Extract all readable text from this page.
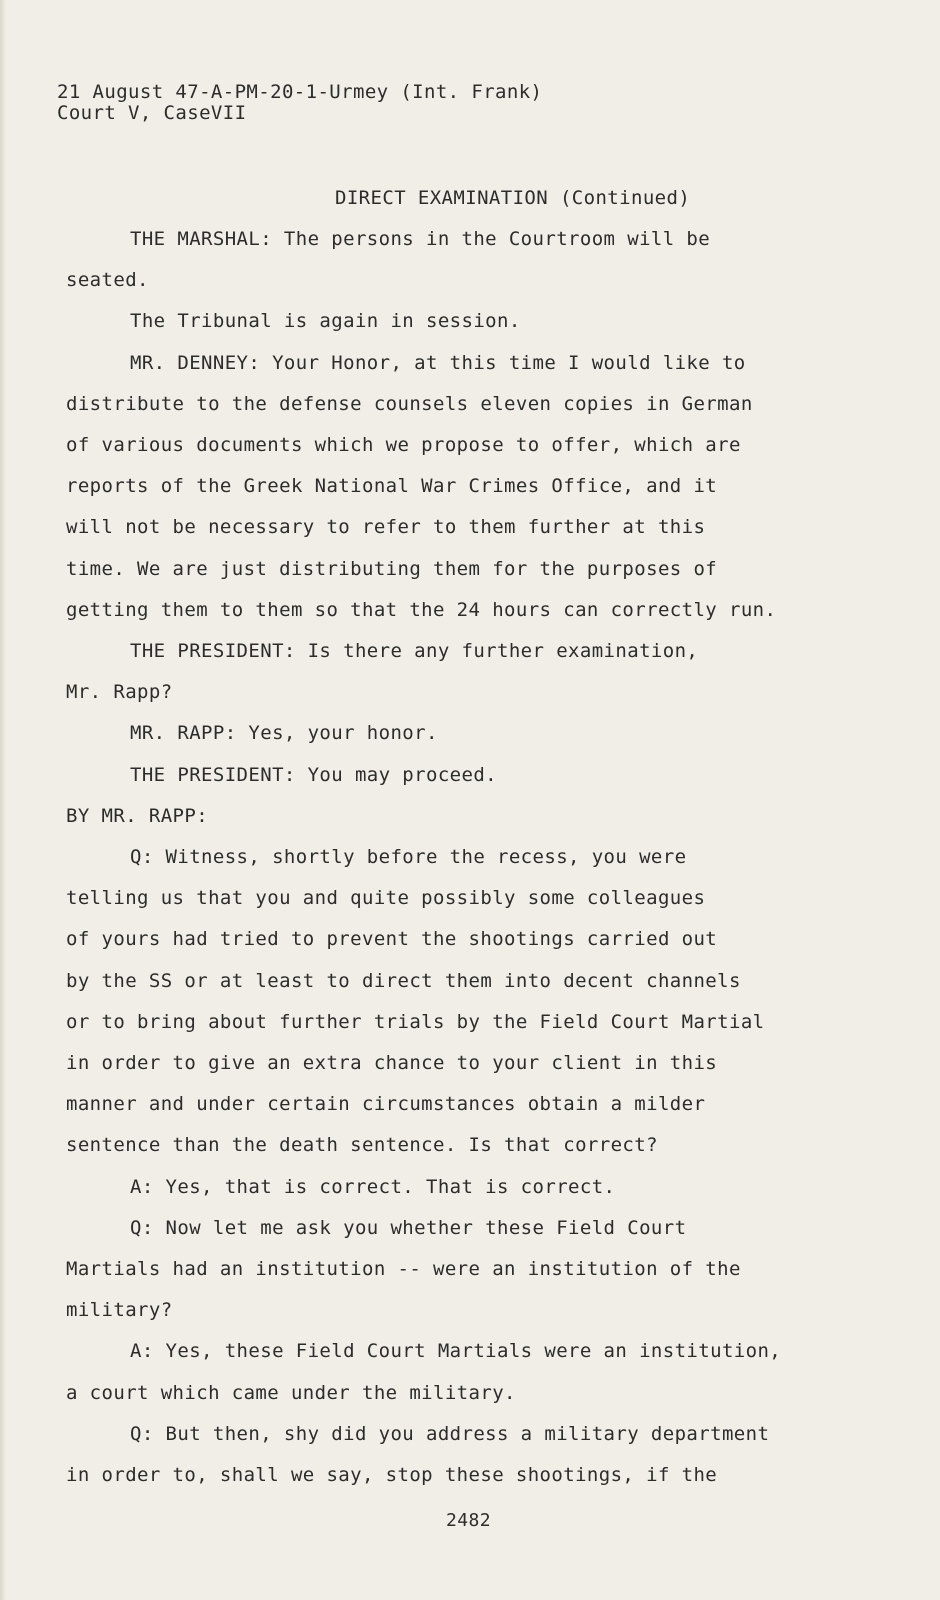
21 August 47-A-PM-20-1-Urmey (Int. Frank)

Court V, CaseVII

DIRECT EXAMINATION (Continued)

THE MARSHAL: The persons in the Courtroom will be

seated.

The Tribunal is again in session.

MR. DENNEY: Your Honor, at this time I would like to

distribute to the defense counsels eleven copies in German

of various documents which we propose to offer, which are

reports of the Greek National War Crimes Office, and it

will not be necessary to refer to them further at this

time. We are just distributing them for the purposes of

getting them to them so that the 24 hours can correctly run.

THE PRESIDENT: Is there any further examination,

Mr. Rapp?

MR. RAPP: Yes, your honor.

THE PRESIDENT: You may proceed.

BY MR. RAPP:

Q: Witness, shortly before the recess, you were

telling us that you and quite possibly some colleagues

of yours had tried to prevent the shootings carried out

by the SS or at least to direct them into decent channels

or to bring about further trials by the Field Court Martial

in order to give an extra chance to your client in this

manner and under certain circumstances obtain a milder

sentence than the death sentence. Is that correct?

A: Yes, that is correct. That is correct.

Q: Now let me ask you whether these Field Court

Martials had an institution -- were an institution of the

military?

A: Yes, these Field Court Martials were an institution,

a court which came under the military.

Q: But then, shy did you address a military department

in order to, shall we say, stop these shootings, if the

2482
